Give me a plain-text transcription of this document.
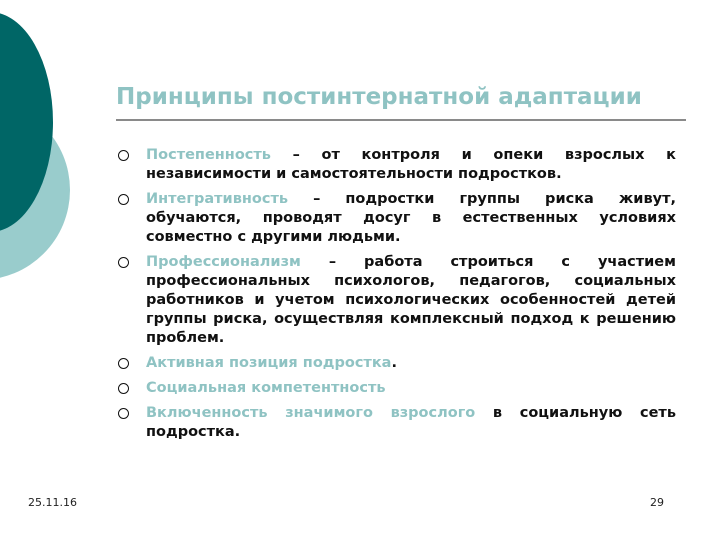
Принципы постинтернатной адаптации
Постепенность – от контроля и опеки взрослых к независимости и самостоятельности подростков.
Интегративность – подростки группы риска живут, обучаются, проводят досуг в естественных условиях совместно с другими людьми.
Профессионализм – работа строиться с участием профессиональных психологов, педагогов, социальных работников и учетом психологических особенностей детей группы риска, осуществляя комплексный подход к решению проблем.
Активная позиция подростка.
Социальная компетентность
Включенность значимого взрослого в социальную сеть подростка.
25.11.16	29
